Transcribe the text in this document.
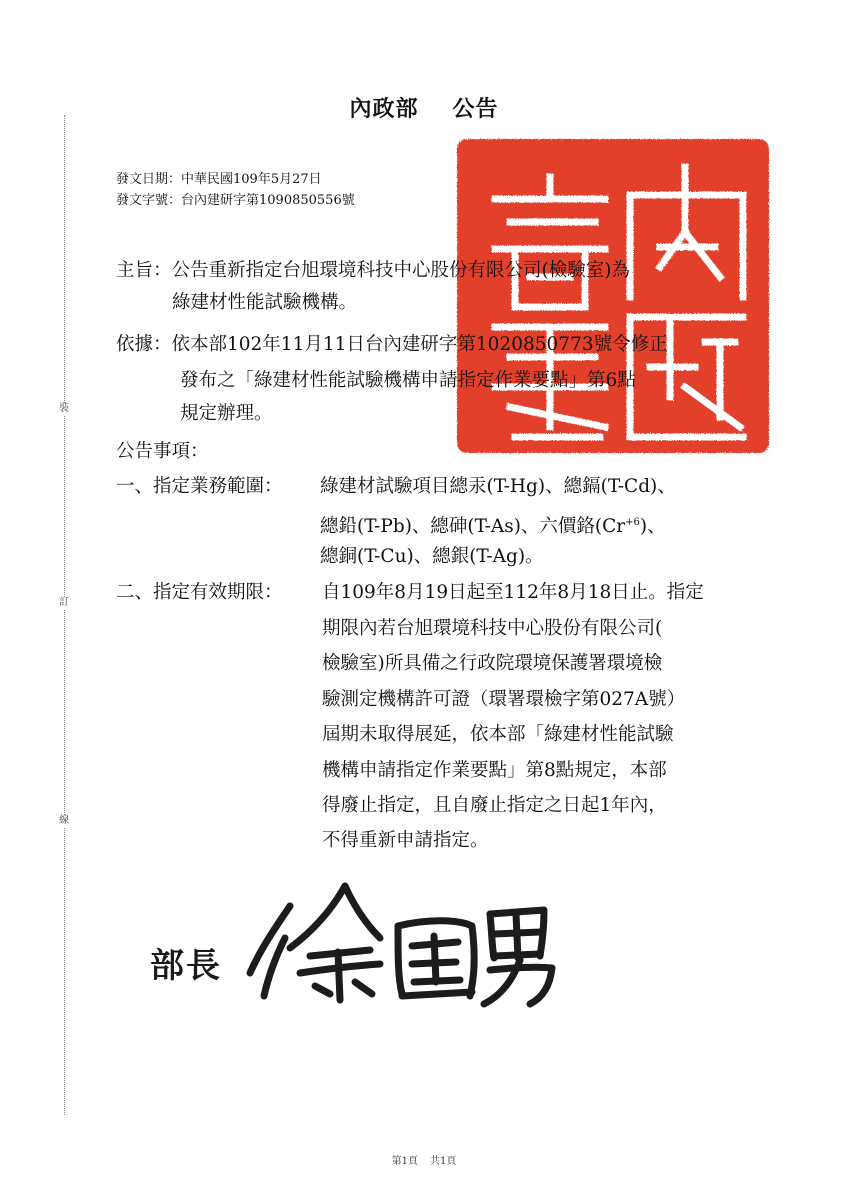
裝
訂
線
內政部 公告
發文日期：中華民國109年5月27日
發文字號：台內建研字第1090850556號
主旨：公告重新指定台旭環境科技中心股份有限公司(檢驗室)為
綠建材性能試驗機構。
依據：依本部102年11月11日台內建研字第1020850773號令修正
發布之「綠建材性能試驗機構申請指定作業要點」第6點
規定辦理。
公告事項：
一、指定業務範圍： 綠建材試驗項目總汞(T-Hg)、總鎘(T-Cd)、
總鉛(T-Pb)、總砷(T-As)、六價鉻$(Cr^{+6})$、
總銅(T-Cu)、總銀(T-Ag)。
二、指定有效期限： 自109年8月19日起至112年8月18日止。指定
期限內若台旭環境科技中心股份有限公司(
檢驗室)所具備之行政院環境保護署環境檢
驗測定機構許可證（環署環檢字第027A號）
屆期未取得展延，依本部「綠建材性能試驗
機構申請指定作業要點」第8點規定，本部
得廢止指定，且自廢止指定之日起1年內，
不得重新申請指定。
部長
第1頁 共1頁
